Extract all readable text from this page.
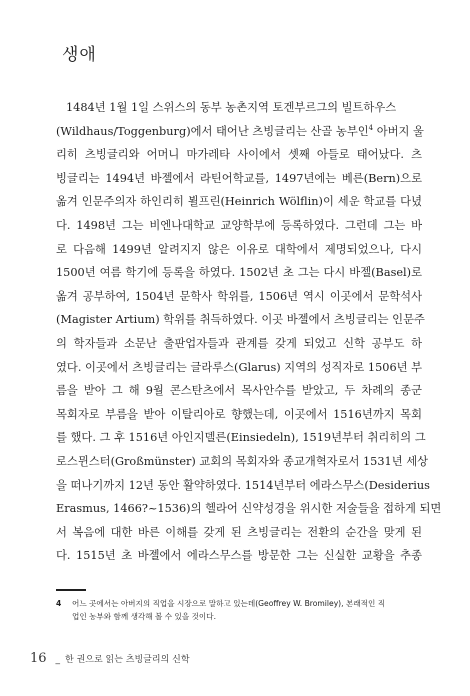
생애
1484년 1월 1일 스위스의 동부 농촌지역 토겐부르그의 빌트하우스
(Wildhaus/Toggenburg)에서 태어난 츠빙글리는 산골 농부인$^4$ 아버지 울
리히 츠빙글리와 어머니 마가레타 사이에서 셋째 아들로 태어났다. 츠
빙글리는 1494년 바젤에서 라틴어학교를, 1497년에는 베른(Bern)으로
옮겨 인문주의자 하인리히 뵐프린(Heinrich Wölflin)이 세운 학교를 다녔
다. 1498년 그는 비엔나대학교 교양학부에 등록하였다. 그런데 그는 바
로 다음해 1499년 알려지지 않은 이유로 대학에서 제명되었으나, 다시
1500년 여름 학기에 등록을 하였다. 1502년 초 그는 다시 바젤(Basel)로
옮겨 공부하여, 1504년 문학사 학위를, 1506년 역시 이곳에서 문학석사
(Magister Artium) 학위를 취득하였다. 이곳 바젤에서 츠빙글리는 인문주
의 학자들과 소문난 출판업자들과 관계를 갖게 되었고 신학 공부도 하
였다. 이곳에서 츠빙글리는 글라루스(Glarus) 지역의 성직자로 1506년 부
름을 받아 그 해 9월 콘스탄츠에서 목사안수를 받았고, 두 차례의 종군
목회자로 부름을 받아 이탈리아로 향했는데, 이곳에서 1516년까지 목회
를 했다. 그 후 1516년 아인지델른(Einsiedeln), 1519년부터 취리히의 그
로스뮌스터(Großmünster) 교회의 목회자와 종교개혁자로서 1531년 세상
을 떠나기까지 12년 동안 활약하였다. 1514년부터 에라스무스(Desiderius
Erasmus, 1466?~1536)의 헬라어 신약성경을 위시한 저술들을 접하게 되면
서 복음에 대한 바른 이해를 갖게 된 츠빙글리는 전환의 순간을 맞게 된
다. 1515년 초 바젤에서 에라스무스를 방문한 그는 신실한 교황을 추종
4 어느 곳에서는 아버지의 직업을 시장으로 말하고 있는데(Geoffrey W. Bromiley), 본래적인 직
업인 농부와 함께 생각해 볼 수 있을 것이다.
16 _ 한 권으로 읽는 츠빙글리의 신학
